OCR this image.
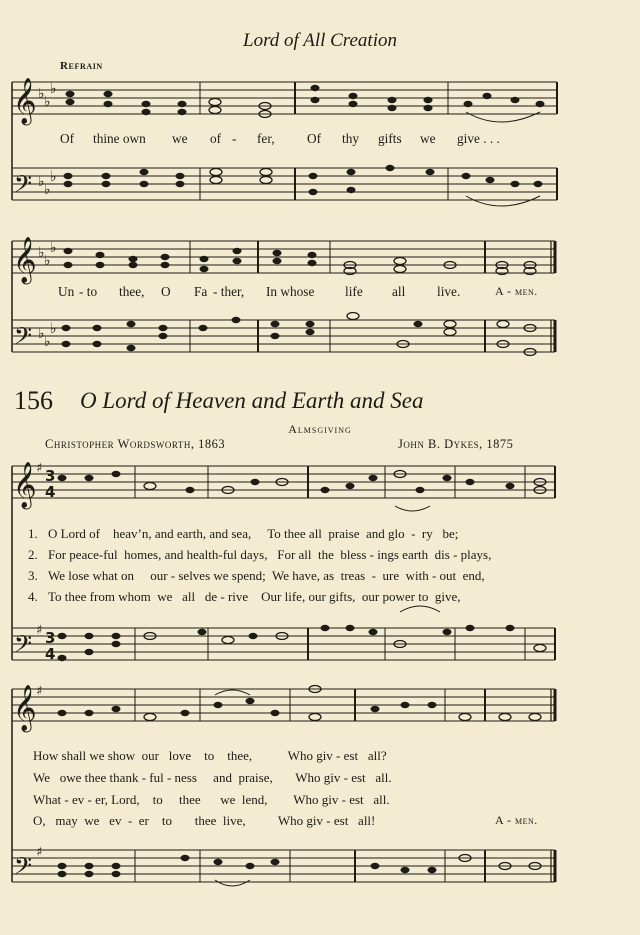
𝄞
𝄢
𝄞
𝄢
𝄞
𝄢
𝄞
𝄢
♭ ♭
♭
♭ ♭
♭
♭ ♭
♭
♭ ♭
♭
♯
♯
♯
♯
3
4
3
4
Lord of All Creation
Refrain
Of thine own we of - fer, Of thy gifts we give . . .
Un - to thee, O Fa - ther, In whose life all live.	A - men.
156 O Lord of Heaven and Earth and Sea
Almsgiving
Christopher Wordsworth, 1863	John B. Dykes, 1875
1. O Lord of    heav’n, and earth, and sea,     To thee all  praise  and glo  -  ry   be;
2. For peace-ful  homes, and health-ful days,   For all  the  bless - ings earth  dis - plays,
3. We lose what on     our - selves we spend;  We have, as  treas  -  ure  with - out  end,
4. To thee from whom  we   all   de - rive    Our life, our gifts,  our power to  give,
How shall we show  our   love    to    thee,           Who giv - est   all?
We   owe thee thank - ful - ness     and  praise,       Who giv - est   all.
What - ev - er, Lord,    to     thee      we  lend,        Who giv - est   all.
O,   may  we   ev  -  er    to       thee  live,          Who giv - est   all!	A - men.
